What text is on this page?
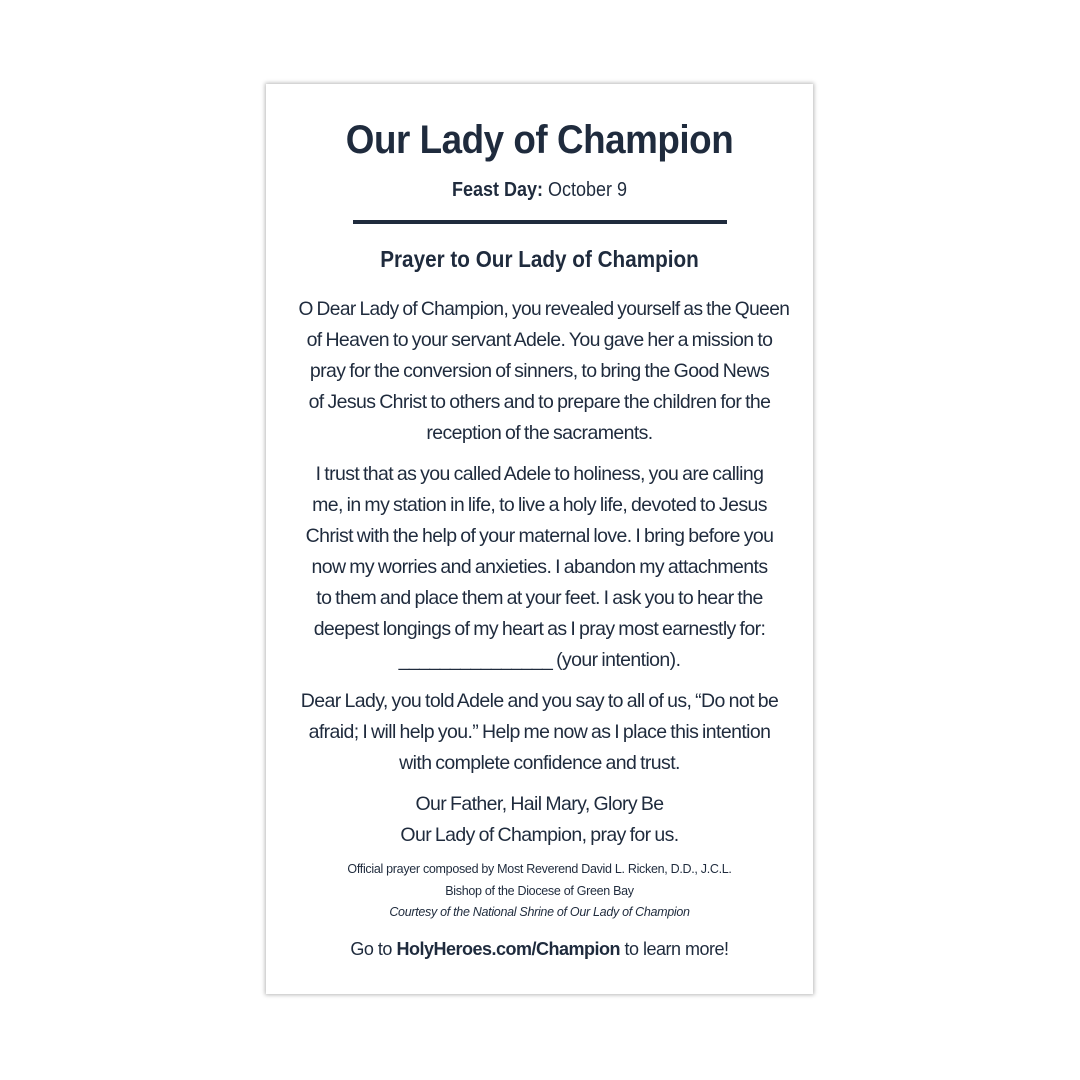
Our Lady of Champion
Feast Day: October 9
Prayer to Our Lady of Champion

O Dear Lady of Champion, you revealed yourself as the Queen
of Heaven to your servant Adele. You gave her a mission to
pray for the conversion of sinners, to bring the Good News
of Jesus Christ to others and to prepare the children for the
reception of the sacraments.

I trust that as you called Adele to holiness, you are calling
me, in my station in life, to live a holy life, devoted to Jesus
Christ with the help of your maternal love. I bring before you
now my worries and anxieties. I abandon my attachments
to them and place them at your feet. I ask you to hear the
deepest longings of my heart as I pray most earnestly for:
_______________ (your intention).

Dear Lady, you told Adele and you say to all of us, “Do not be
afraid; I will help you.” Help me now as I place this intention
with complete confidence and trust.

Our Father, Hail Mary, Glory Be
Our Lady of Champion, pray for us.

Official prayer composed by Most Reverend David L. Ricken, D.D., J.C.L.
Bishop of the Diocese of Green Bay
Courtesy of the National Shrine of Our Lady of Champion
Go to HolyHeroes.com/Champion to learn more!
